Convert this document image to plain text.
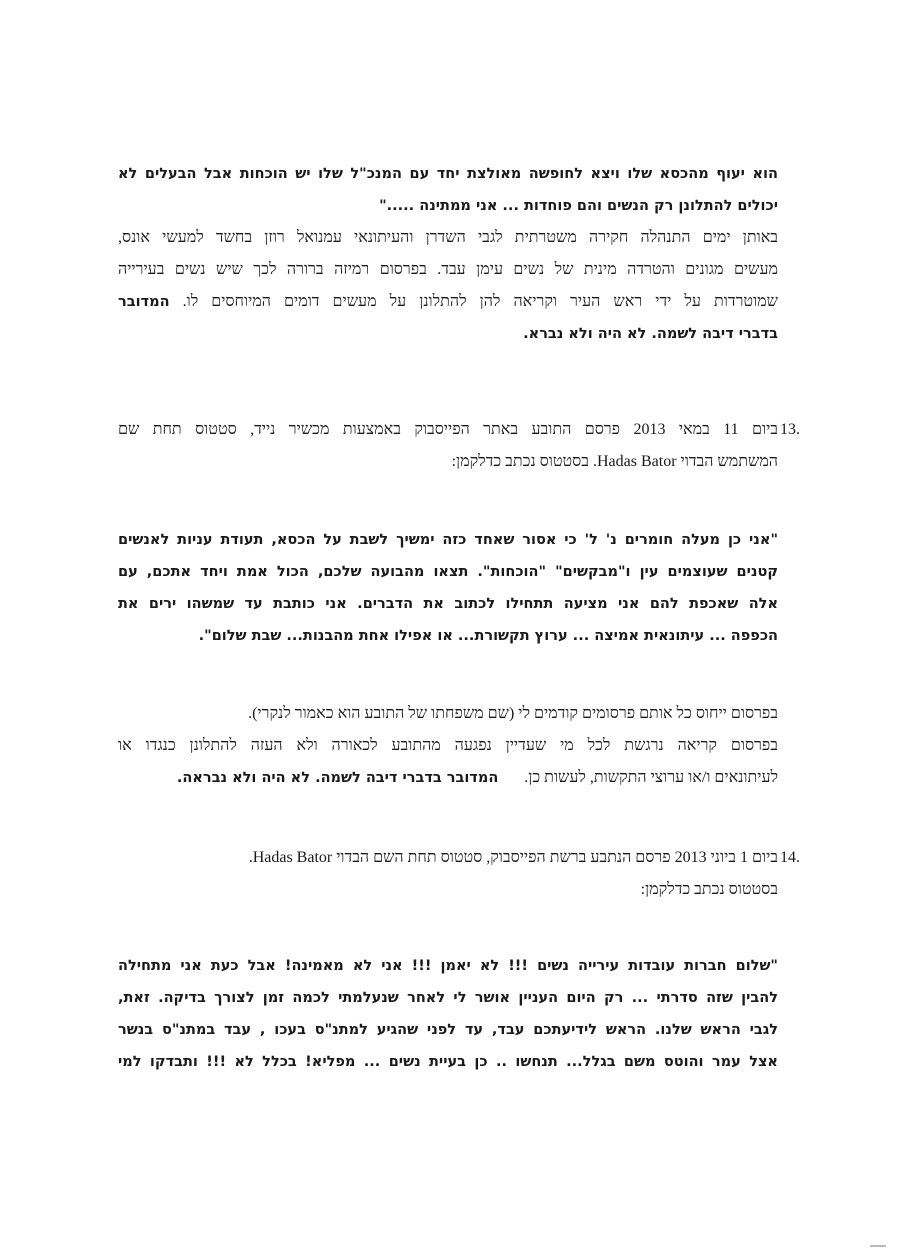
הוא יעוף מהכסא שלו ויצא לחופשה מאולצת יחד עם המנכ"ל שלו יש הוכחות אבל הבעלים לא
יכולים להתלונן רק הנשים והם פוחדות ... אני ממתינה ....."
באותן ימים התנהלה חקירה משטרתית לגבי השדרן והעיתונאי עמנואל רוזן בחשד למעשי אונס,
מעשים מגונים והטרדה מינית של נשים עימן עבד. בפרסום רמיזה ברורה לכך שיש נשים בעירייה
שמוטרדות על ידי ראש העיר וקריאה להן להתלונן על מעשים דומים המיוחסים לו. המדובר
בדברי דיבה לשמה. לא היה ולא נברא.
13.
ביום 11 במאי 2013 פרסם התובע באתר הפייסבוק באמצעות מכשיר נייד, סטטוס תחת שם
המשתמש הבדוי Hadas Bator. בסטטוס נכתב כדלקמן:
"אני כן מעלה חומרים נ' ל' כי אסור שאחד כזה ימשיך לשבת על הכסא, תעודת עניות לאנשים
קטנים שעוצמים עין ו"מבקשים" "הוכחות". תצאו מהבועה שלכם, הכול אמת ויחד אתכם, עם
אלה שאכפת להם אני מציעה תתחילו לכתוב את הדברים. אני כותבת עד שמשהו ירים את
הכפפה ... עיתונאית אמיצה ... ערוץ תקשורת... או אפילו אחת מהבנות... שבת שלום".
בפרסום ייחוס כל אותם פרסומים קודמים לי (שם משפחתו של התובע הוא כאמור לנקרי).
בפרסום קריאה נרגשת לכל מי שעדיין נפגעה מהתובע לכאורה ולא העזה להתלונן כנגדו או
לעיתונאים ו/או ערוצי התקשות, לעשות כן.המדובר בדברי דיבה לשמה. לא היה ולא נבראה.
14.
ביום 1 ביוני 2013 פרסם הנתבע ברשת הפייסבוק, סטטוס תחת השם הבדוי Hadas Bator.
בסטטוס נכתב כדלקמן:
"שלום חברות עובדות עירייה נשים !!! לא יאמן !!! אני לא מאמינה! אבל כעת אני מתחילה
להבין שזה סדרתי ... רק היום העניין אושר לי לאחר שנעלמתי לכמה זמן לצורך בדיקה. זאת,
לגבי הראש שלנו. הראש לידיעתכם עבד, עד לפני שהגיע למתנ"ס בעכו , עבד במתנ"ס בנשר
אצל עמר והוטס משם בגלל... תנחשו .. כן בעיית נשים ... מפליא! בכלל לא !!! ותבדקו למי
